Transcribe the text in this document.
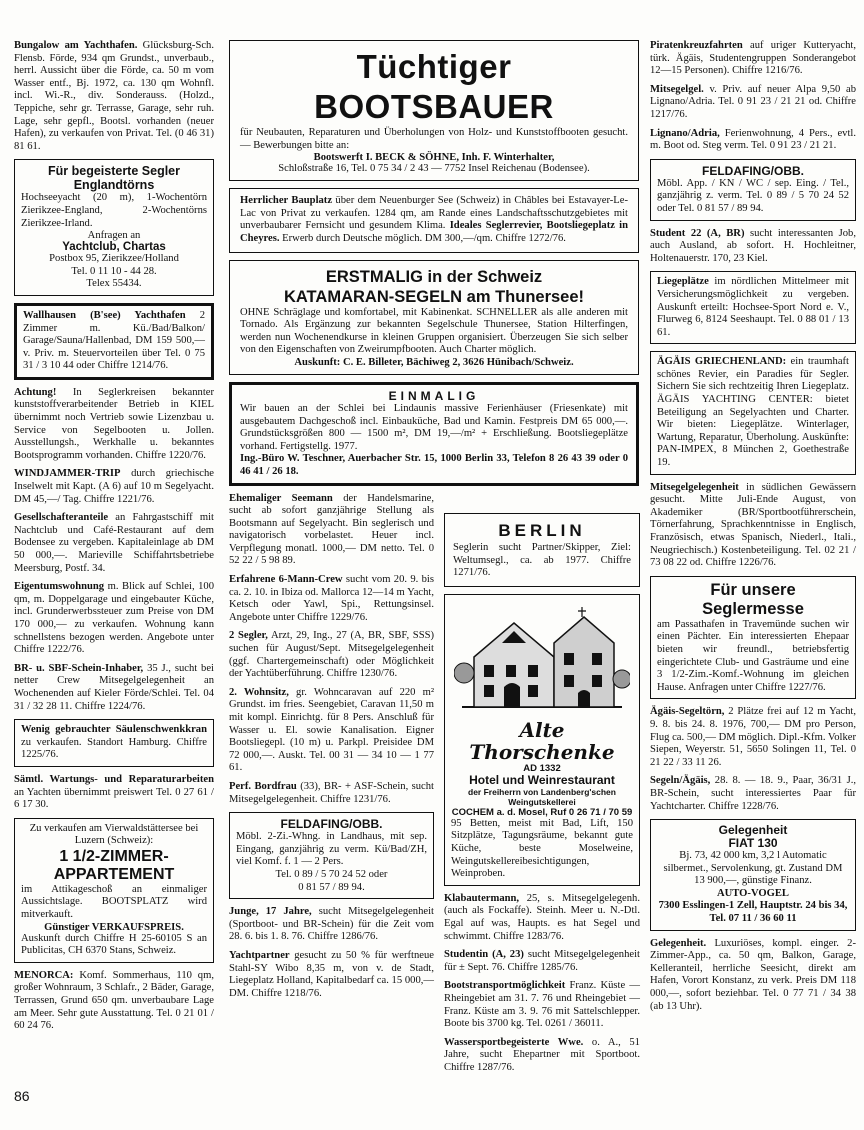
Bungalow am Yachthafen. Glücksburg-Sch. Flensb. Förde, 934 qm Grundst., unverbaub., herrl. Aussicht über die Förde, ca. 50 m vom Wasser entf., Bj. 1972, ca. 130 qm Wohnfl. incl. Wi.-R., div. Sonderauss. (Holzd., Teppiche, sehr gr. Terrasse, Garage, sehr ruh. Lage, sehr gepfl., Bootsl. vorhanden (neuer Hafen), zu verkaufen von Privat. Tel. (0 46 31) 81 61.

Für begeisterte Segler
Englandtörns
Hochseeyacht (20 m), 1-Wochentörn Zierikzee-England, 2-Wochentörns Zierikzee-Irland.
Anfragen an
Yachtclub, Chartas
Postbox 95, Zierikzee/Holland
Tel. 0 11 10 - 44 28.
Telex 55434.

Wallhausen (B'see) Yachthafen 2 Zimmer m. Kü./Bad/Balkon/ Garage/Sauna/Hallenbad, DM 159 500,— v. Priv. m. Steuervorteilen über Tel. 0 75 31 / 3 10 44 oder Chiffre 1214/76.

Achtung! In Seglerkreisen bekannter kunststoffverarbeitender Betrieb in KIEL übernimmt noch Vertrieb sowie Lizenzbau u. Service von Segelbooten u. Jollen. Ausstellungsh., Werkhalle u. bekanntes Bootsprogramm vorhanden. Chiffre 1220/76.

WINDJAMMER-TRIP durch griechische Inselwelt mit Kapt. (A 6) auf 10 m Segelyacht. DM 45,—/ Tag. Chiffre 1221/76.

Gesellschafteranteile an Fahrgastschiff mit Nachtclub und Café-Restaurant auf dem Bodensee zu vergeben. Kapitaleinlage ab DM 50 000,—. Marieville Schiffahrtsbetriebe Meersburg, Postf. 34.

Eigentumswohnung m. Blick auf Schlei, 100 qm, m. Doppelgarage und eingebauter Küche, incl. Grunderwerbssteuer zum Preise von DM 170 000,— zu verkaufen. Wohnung kann schnellstens bezogen werden. Angebote unter Chiffre 1222/76.

BR- u. SBF-Schein-Inhaber, 35 J., sucht bei netter Crew Mitsegelgelegenheit an Wochenenden auf Kieler Förde/Schlei. Tel. 04 31 / 32 28 11. Chiffre 1224/76.

Wenig gebrauchter Säulenschwenkkran zu verkaufen. Standort Hamburg. Chiffre 1225/76.

Sämtl. Wartungs- und Reparaturarbeiten an Yachten übernimmt preiswert Tel. 0 27 61 / 6 17 30.

Zu verkaufen am Vierwaldstättersee bei Luzern (Schweiz):
1 1/2-ZIMMER-
APPARTEMENT
im Attikageschoß an einmaliger Aussichtslage. BOOTSPLATZ wird mitverkauft.
Günstiger VERKAUFSPREIS.
Auskunft durch Chiffre H 25-60105 S an Publicitas, CH 6370 Stans, Schweiz.

MENORCA: Komf. Sommerhaus, 110 qm, großer Wohnraum, 3 Schlafr., 2 Bäder, Garage, Terrassen, Grund 650 qm. unverbaubare Lage am Meer. Sehr gute Ausstattung. Tel. 0 21 01 / 60 24 76.

Tüchtiger BOOTSBAUER
für Neubauten, Reparaturen und Überholungen von Holz- und Kunststoffbooten gesucht. — Bewerbungen bitte an:
Bootswerft I. BECK & SÖHNE, Inh. F. Winterhalter,
Schloßstraße 16, Tel. 0 75 34 / 2 43 — 7752 Insel Reichenau (Bodensee).

Herrlicher Bauplatz über dem Neuenburger See (Schweiz) in Châbles bei Estavayer-Le-Lac von Privat zu verkaufen. 1284 qm, am Rande eines Landschaftsschutzgebietes mit unverbaubarer Fernsicht und gesundem Klima. Ideales Seglerrevier, Bootsliegeplatz in Cheyres. Erwerb durch Deutsche möglich. DM 300,—/qm. Chiffre 1272/76.

ERSTMALIG in der Schweiz
KATAMARAN-SEGELN am Thunersee!
OHNE Schräglage und komfortabel, mit Kabinenkat. SCHNELLER als alle anderen mit Tornado. Als Ergänzung zur bekannten Segelschule Thunersee, Station Hilterfingen, werden nun Wochenendkurse in kleinen Gruppen organisiert. Überzeugen Sie sich selber von den Eigenschaften von Zweirumpfbooten. Auch Charter möglich.
Auskunft: C. E. Billeter, Bächiweg 2, 3626 Hünibach/Schweiz.
EINMALIG
Wir bauen an der Schlei bei Lindaunis massive Ferienhäuser (Friesenkate) mit ausgebautem Dachgeschoß incl. Einbauküche, Bad und Kamin. Festpreis DM 65 000,—. Grundstücksgrößen 800 — 1500 m², DM 19,—/m² + Erschließung. Bootsliegeplätze vorhand. Fertigstellg. 1977.
Ing.-Büro W. Teschner, Auerbacher Str. 15, 1000 Berlin 33, Telefon 8 26 43 39 oder 0 46 41 / 26 18.

Ehemaliger Seemann der Handelsmarine, sucht ab sofort ganzjährige Stellung als Bootsmann auf Segelyacht. Bin seglerisch und navigatorisch vorbelastet. Heuer incl. Verpflegung monatl. 1000,— DM netto. Tel. 0 52 22 / 5 98 89.

Erfahrene 6-Mann-Crew sucht vom 20. 9. bis ca. 2. 10. in Ibiza od. Mallorca 12—14 m Yacht, Ketsch oder Yawl, Spi., Rettungsinsel. Angebote unter Chiffre 1229/76.

2 Segler, Arzt, 29, Ing., 27 (A, BR, SBF, SSS) suchen für August/Sept. Mitsegelgelegenheit (ggf. Chartergemeinschaft) oder Möglichkeit der Yachtüberführung. Chiffre 1230/76.

2. Wohnsitz, gr. Wohncaravan auf 220 m² Grundst. im fries. Seengebiet, Caravan 11,50 m mit kompl. Einrichtg. für 8 Pers. Anschluß für Wasser u. El. sowie Kanalisation. Eigner Bootsliegepl. (10 m) u. Parkpl. Preisidee DM 72 000,—. Auskt. Tel. 00 31 — 34 10 — 1 77 61.

Perf. Bordfrau (33), BR- + ASF-Schein, sucht Mitsegelgelegenheit. Chiffre 1231/76.

FELDAFING/OBB.
Möbl. 2-Zi.-Whng. in Landhaus, mit sep. Eingang, ganzjährig zu verm. Kü/Bad/ZH, viel Komf. f. 1 — 2 Pers.
Tel. 0 89 / 5 70 24 52 oder
0 81 57 / 89 94.

Junge, 17 Jahre, sucht Mitsegelgelegenheit (Sportboot- und BR-Schein) für die Zeit vom 28. 6. bis 1. 8. 76. Chiffre 1286/76.

Yachtpartner gesucht zu 50 % für werftneue Stahl-SY Wibo 8,35 m, von v. de Stadt, Liegeplatz Holland, Kapitalbedarf ca. 15 000,— DM. Chiffre 1218/76.

BERLIN
Seglerin sucht Partner/Skipper, Ziel: Weltumsegl., ca. ab 1977. Chiffre 1271/76.
Alte Thorschenke
AD 1332
Hotel und Weinrestaurant
der Freiherrn von Landenberg'schen
Weingutskellerei
COCHEM a. d. Mosel, Ruf 0 26 71 / 70 59
95 Betten, meist mit Bad, Lift, 150 Sitzplätze, Tagungsräume, bekannt gute Küche, beste Moselweine, Weingutskellereibesichtigungen, Weinproben.

Klabautermann, 25, s. Mitsegelgelegenh. (auch als Fockaffe). Steinh. Meer u. N.-Dtl. Egal auf was, Haupts. es hat Segel und schwimmt. Chiffre 1283/76.

Studentin (A, 23) sucht Mitsegelgelegenheit für ± Sept. 76. Chiffre 1285/76.

Bootstransportmöglichkeit Franz. Küste — Rheingebiet am 31. 7. 76 und Rheingebiet — Franz. Küste am 3. 9. 76 mit Sattelschlepper. Boote bis 3700 kg. Tel. 0261 / 36011.

Wassersportbegeisterte Wwe. o. A., 51 Jahre, sucht Ehepartner mit Sportboot. Chiffre 1287/76.

Piratenkreuzfahrten auf uriger Kutteryacht, türk. Ägäis, Studentengruppen Sonderangebot 12—15 Personen). Chiffre 1216/76.

Mitsegelgel. v. Priv. auf neuer Alpa 9,50 ab Lignano/Adria. Tel. 0 91 23 / 21 21 od. Chiffre 1217/76.

Lignano/Adria, Ferienwohnung, 4 Pers., evtl. m. Boot od. Steg verm. Tel. 0 91 23 / 21 21.

FELDAFING/OBB.
Möbl. App. / KN / WC / sep. Eing. / Tel., ganzjährig z. verm. Tel. 0 89 / 5 70 24 52 oder Tel. 0 81 57 / 89 94.

Student 22 (A, BR) sucht interessanten Job, auch Ausland, ab sofort. H. Hochleitner, Holtenauerstr. 170, 23 Kiel.

Liegeplätze im nördlichen Mittelmeer mit Versicherungsmöglichkeit zu vergeben. Auskunft erteilt: Hochsee-Sport Nord e. V., Flurweg 6, 8124 Seeshaupt. Tel. 0 88 01 / 13 61.

ÄGÄIS GRIECHENLAND: ein traumhaft schönes Revier, ein Paradies für Segler. Sichern Sie sich rechtzeitig Ihren Liegeplatz. ÄGÄIS YACHTING CENTER: bietet Beteiligung an Segelyachten und Charter. Wir bieten: Liegeplätze. Winterlager, Wartung, Reparatur, Überholung. Auskünfte: PAN-IMPEX, 8 München 2, Goethestraße 19.

Mitsegelgelegenheit in südlichen Gewässern gesucht. Mitte Juli-Ende August, von Akademiker (BR/Sportbootführerschein, Törnerfahrung, Sprachkenntnisse in Englisch, Französisch, etwas Spanisch, Niederl., Itali., Neugriechisch.) Kostenbeteiligung. Tel. 02 21 / 73 08 22 od. Chiffre 1226/76.

Für unsere
Seglermesse
am Passathafen in Travemünde suchen wir einen Pächter. Ein interessierten Ehepaar bieten wir freundl., betriebsfertig eingerichtete Club- und Gasträume und eine 3 1/2-Zim.-Komf.-Wohnung im gleichen Hause. Anfragen unter Chiffre 1227/76.

Ägäis-Segeltörn, 2 Plätze frei auf 12 m Yacht, 9. 8. bis 24. 8. 1976, 700,— DM pro Person, Flug ca. 500,— DM möglich. Dipl.-Kfm. Volker Siepen, Weyerstr. 51, 5650 Solingen 11, Tel. 0 21 22 / 33 11 26.

Segeln/Ägäis, 28. 8. — 18. 9., Paar, 36/31 J., BR-Schein, sucht interessiertes Paar für Yachtcharter. Chiffre 1228/76.

Gelegenheit
FIAT 130
Bj. 73, 42 000 km, 3,2 l Automatic silbermet., Servolenkung, gt. Zustand DM 13 900,—, günstige Finanz.
AUTO-VOGEL
7300 Esslingen-1 Zell, Hauptstr. 24 bis 34, Tel. 07 11 / 36 60 11

Gelegenheit. Luxuriöses, kompl. einger. 2-Zimmer-App., ca. 50 qm, Balkon, Garage, Kelleranteil, herrliche Seesicht, direkt am Hafen, Vorort Konstanz, zu verk. Preis DM 118 000,—, sofort beziehbar. Tel. 0 77 71 / 34 38 (ab 13 Uhr).

86
